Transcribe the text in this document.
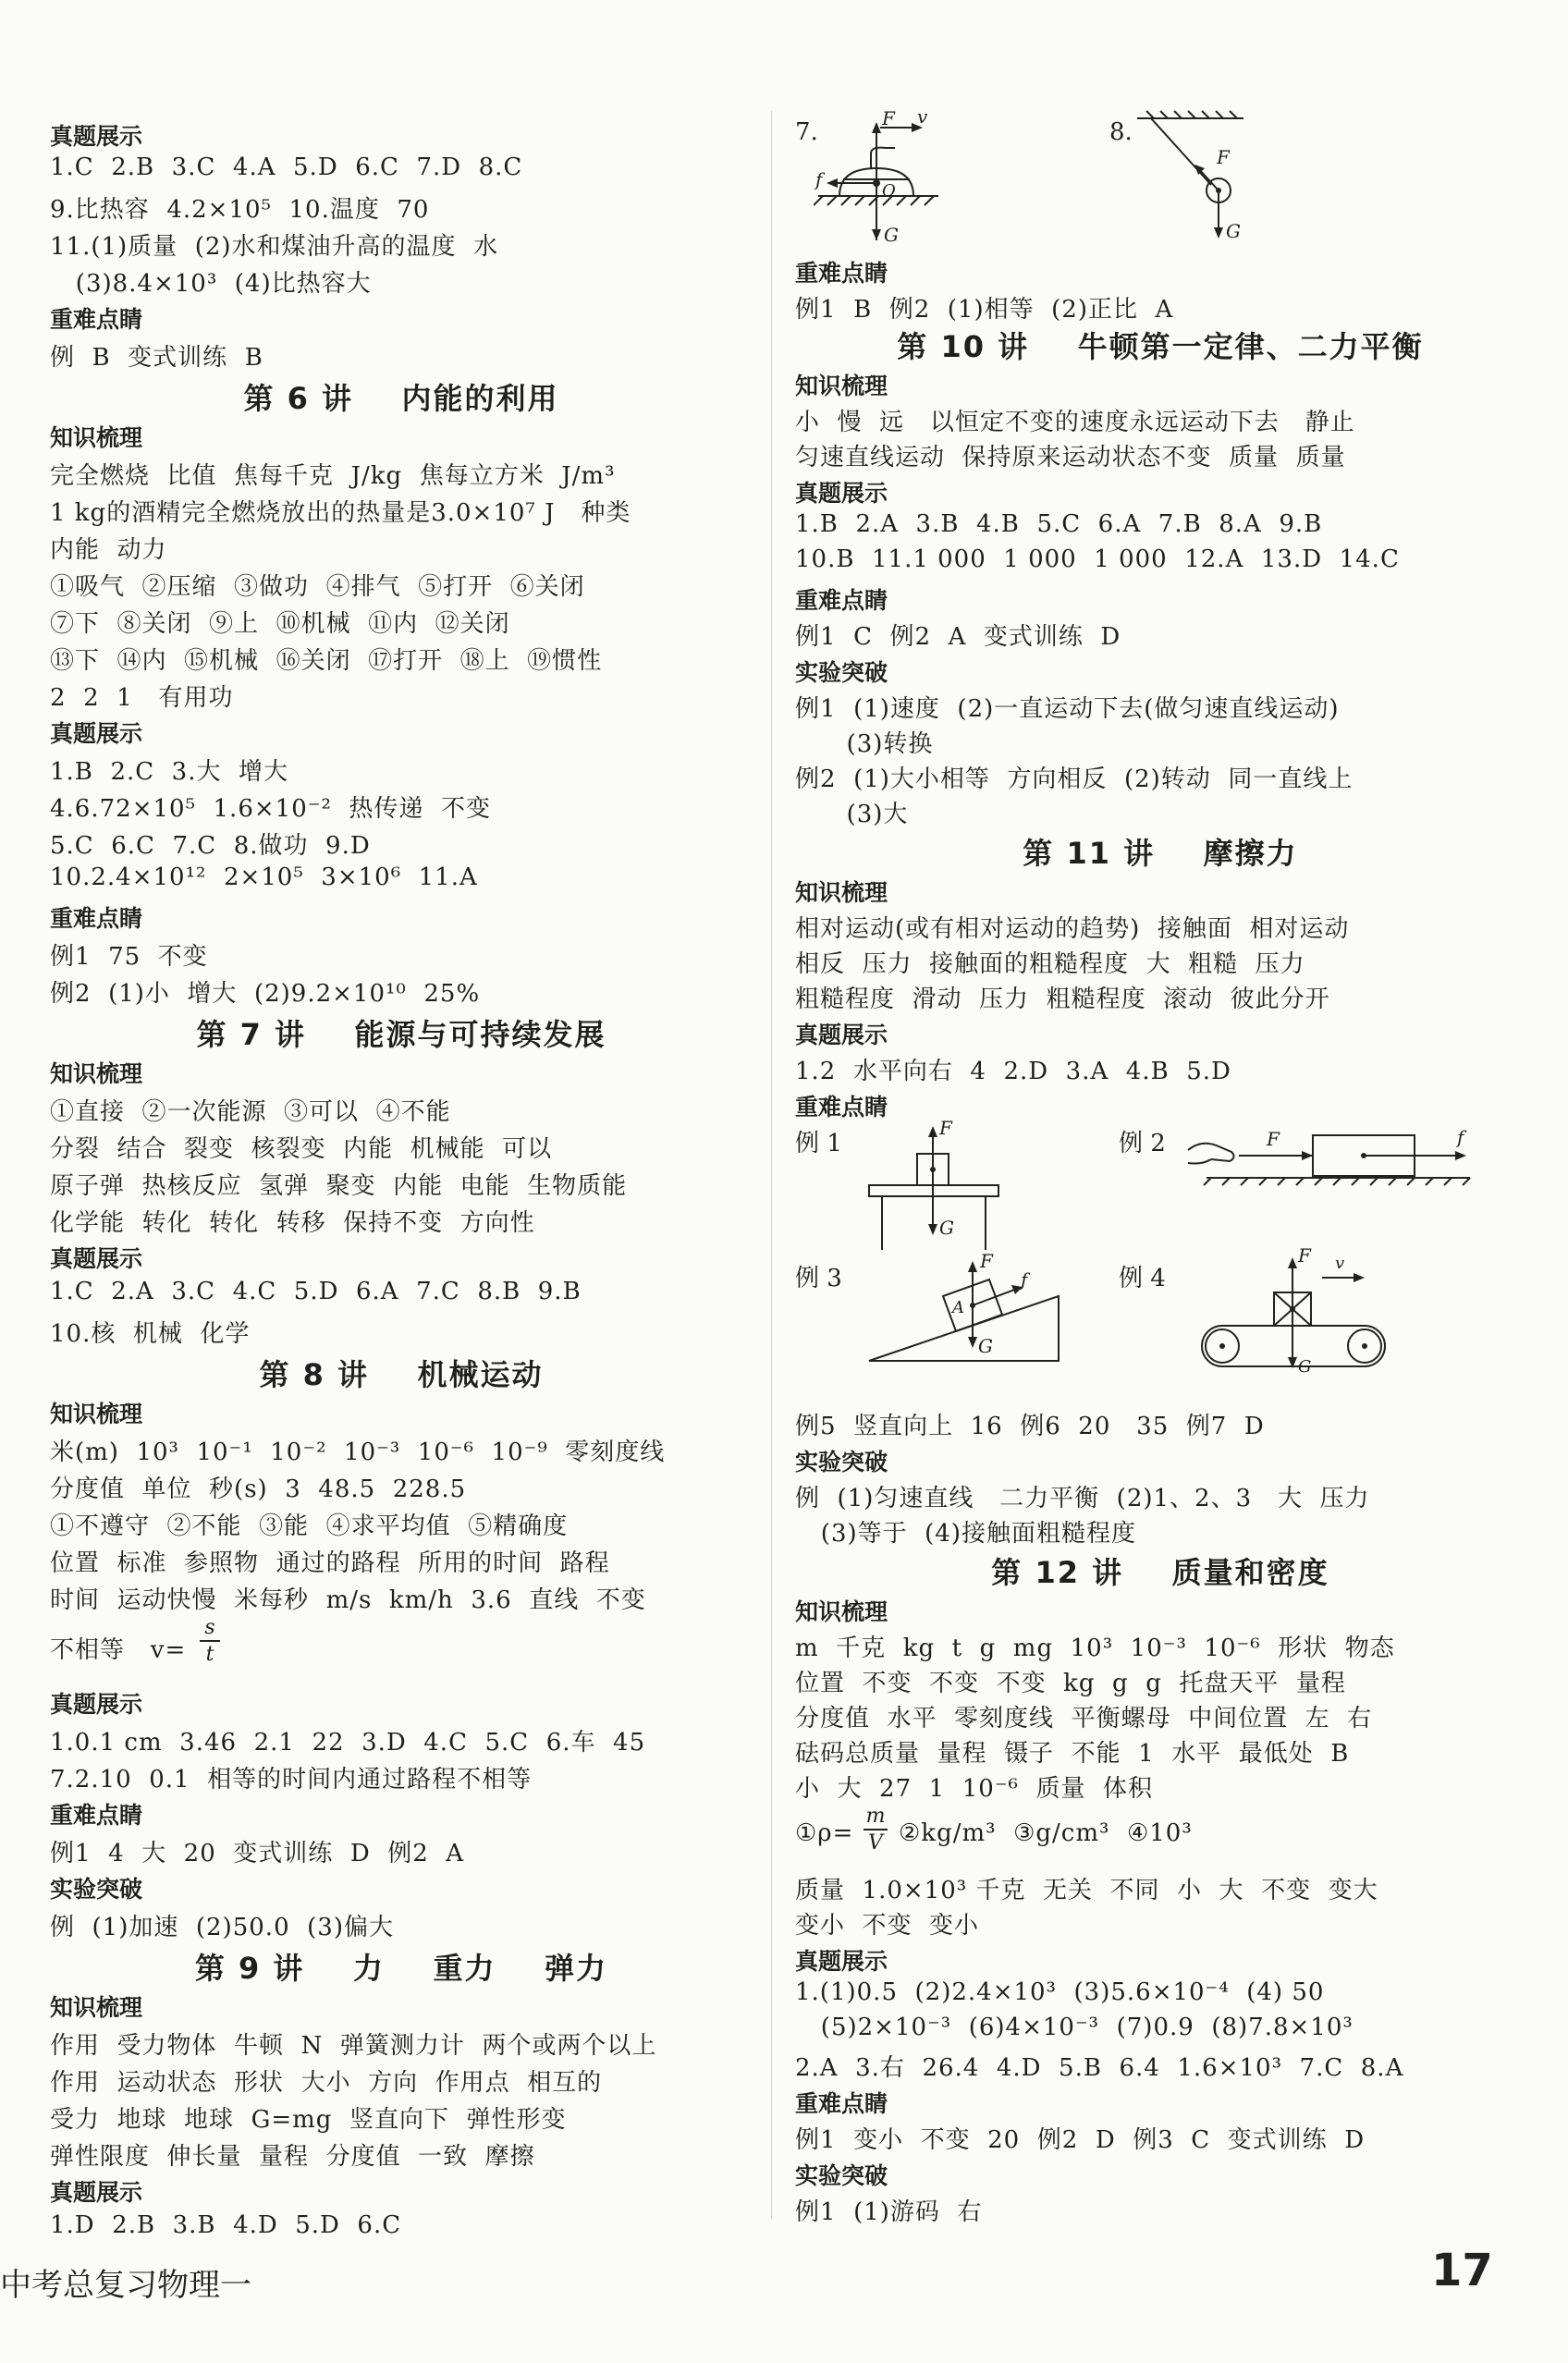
真题展示
1.C  2.B  3.C  4.A  5.D  6.C  7.D  8.C
9.比热容  4.2×10⁵  10.温度  70
11.(1)质量  (2)水和煤油升高的温度  水
(3)8.4×10³  (4)比热容大
重难点睛
例  B  变式训练  B
第 6 讲    内能的利用
知识梳理
完全燃烧  比值  焦每千克  J/kg  焦每立方米  J/m³
1 kg的酒精完全燃烧放出的热量是3.0×10⁷ J   种类
内能  动力
①吸气  ②压缩  ③做功  ④排气  ⑤打开  ⑥关闭
⑦下  ⑧关闭  ⑨上  ⑩机械  ⑪内  ⑫关闭
⑬下  ⑭内  ⑮机械  ⑯关闭  ⑰打开  ⑱上  ⑲惯性
2  2  1   有用功
真题展示
1.B  2.C  3.大  增大
4.6.72×10⁵  1.6×10⁻²  热传递  不变
5.C  6.C  7.C  8.做功  9.D
10.2.4×10¹²  2×10⁵  3×10⁶  11.A
重难点睛
例1  75  不变
例2  (1)小  增大  (2)9.2×10¹⁰  25%
第 7 讲    能源与可持续发展
知识梳理
①直接  ②一次能源  ③可以  ④不能
分裂  结合  裂变  核裂变  内能  机械能  可以
原子弹  热核反应  氢弹  聚变  内能  电能  生物质能
化学能  转化  转化  转移  保持不变  方向性
真题展示
1.C  2.A  3.C  4.C  5.D  6.A  7.C  8.B  9.B
10.核  机械  化学
第 8 讲    机械运动
知识梳理
米(m)  10³  10⁻¹  10⁻²  10⁻³  10⁻⁶  10⁻⁹  零刻度线
分度值  单位  秒(s)  3  48.5  228.5
①不遵守  ②不能  ③能  ④求平均值  ⑤精确度
位置  标准  参照物  通过的路程  所用的时间  路程
时间  运动快慢  米每秒  m/s  km/h  3.6  直线  不变
不相等   v=
s
t
真题展示
1.0.1 cm  3.46  2.1  22  3.D  4.C  5.C  6.车  45
7.2.10  0.1  相等的时间内通过路程不相等
重难点睛
例1  4  大  20  变式训练  D  例2  A
实验突破
例  (1)加速  (2)50.0  (3)偏大
第 9 讲    力    重力    弹力
知识梳理
作用  受力物体  牛顿  N  弹簧测力计  两个或两个以上
作用  运动状态  形状  大小  方向  作用点  相互的
受力  地球  地球  G=mg  竖直向下  弹性形变
弹性限度  伸长量  量程  分度值  一致  摩擦
真题展示
1.D  2.B  3.B  4.D  5.D  6.C
7.	F v
f
O
G
8.
F
G
重难点睛
例1  B  例2  (1)相等  (2)正比  A
第 10 讲    牛顿第一定律、二力平衡
知识梳理
小  慢  远   以恒定不变的速度永远运动下去   静止
匀速直线运动  保持原来运动状态不变  质量  质量
真题展示
1.B  2.A  3.B  4.B  5.C  6.A  7.B  8.A  9.B
10.B  11.1 000  1 000  1 000  12.A  13.D  14.C
重难点睛
例1  C  例2  A  变式训练  D
实验突破
例1  (1)速度  (2)一直运动下去(做匀速直线运动)
(3)转换
例2  (1)大小相等  方向相反  (2)转动  同一直线上
(3)大
第 11 讲    摩擦力
知识梳理
相对运动(或有相对运动的趋势)  接触面  相对运动
相反  压力  接触面的粗糙程度  大  粗糙  压力
粗糙程度  滑动  压力  粗糙程度  滚动  彼此分开
真题展示
1.2  水平向右  4  2.D  3.A  4.B  5.D
重难点睛
例 1
F
G
例 2	F	f
例 3
F
f
A
G
例 4
F v
G
例5  竖直向上  16  例6  20   35  例7  D
实验突破
例  (1)匀速直线   二力平衡  (2)1、2、3   大  压力
(3)等于  (4)接触面粗糙程度
第 12 讲    质量和密度
知识梳理
m  千克  kg  t  g  mg  10³  10⁻³  10⁻⁶  形状  物态
位置  不变  不变  不变  kg  g  g  托盘天平  量程
分度值  水平  零刻度线  平衡螺母  中间位置  左  右
砝码总质量  量程  镊子  不能  1  水平  最低处  B
小  大  27  1  10⁻⁶  质量  体积
①ρ=
m
V ②kg/m³  ③g/cm³  ④10³
质量  1.0×10³ 千克  无关  不同  小  大  不变  变大
变小  不变  变小
真题展示
1.(1)0.5  (2)2.4×10³  (3)5.6×10⁻⁴  (4) 50
(5)2×10⁻³  (6)4×10⁻³  (7)0.9  (8)7.8×10³
2.A  3.右  26.4  4.D  5.B  6.4  1.6×10³  7.C  8.A
重难点睛
例1  变小  不变  20  例2  D  例3  C  变式训练  D
实验突破
例1  (1)游码  右
中考总复习物理一	17
